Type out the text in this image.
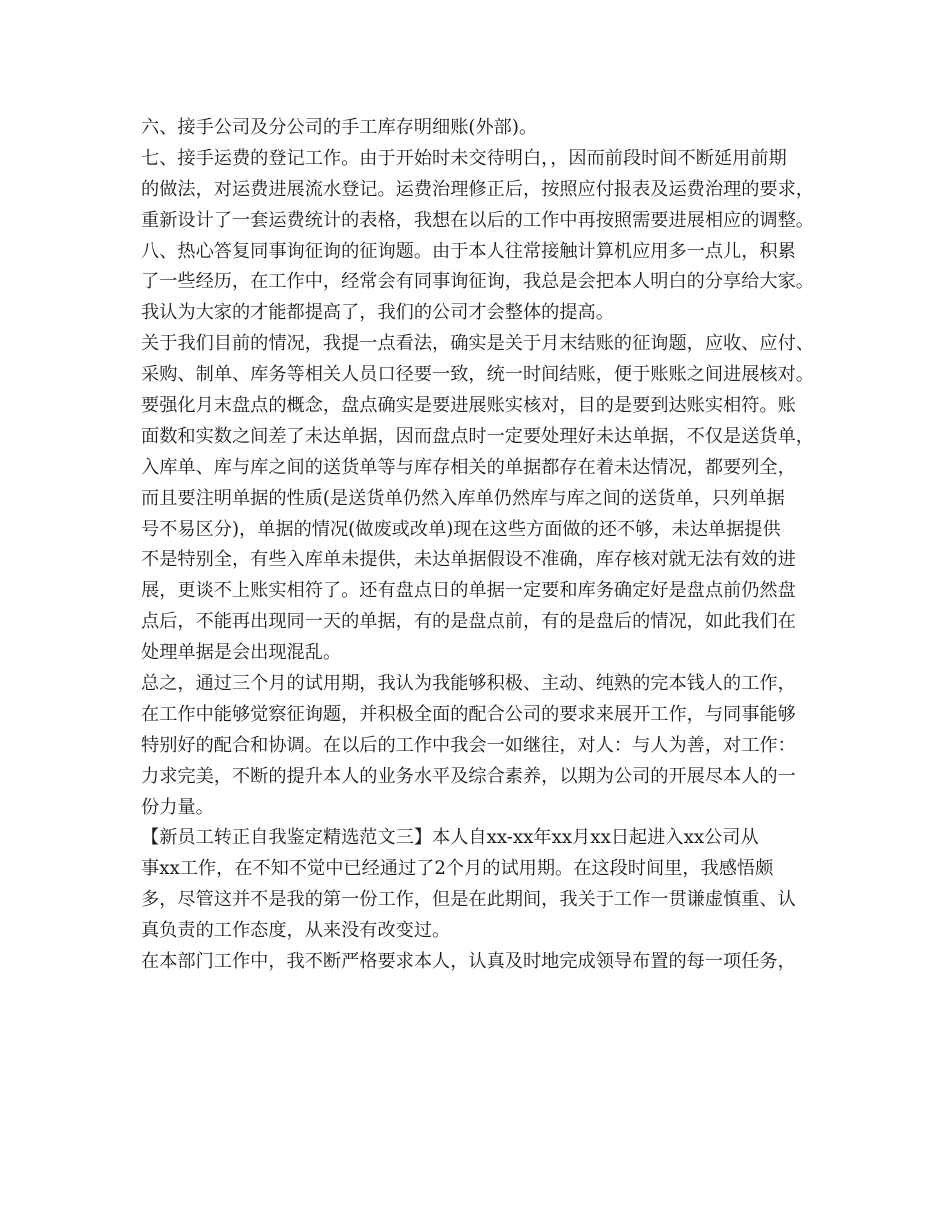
六、接手公司及分公司的手工库存明细账(外部)。
七、接手运费的登记工作。由于开始时未交待明白，，因而前段时间不断延用前期
的做法，对运费进展流水登记。运费治理修正后，按照应付报表及运费治理的要求，
重新设计了一套运费统计的表格，我想在以后的工作中再按照需要进展相应的调整。
八、热心答复同事询征询的征询题。由于本人往常接触计算机应用多一点儿，积累
了一些经历，在工作中，经常会有同事询征询，我总是会把本人明白的分享给大家。
我认为大家的才能都提高了，我们的公司才会整体的提高。
关于我们目前的情况，我提一点看法，确实是关于月末结账的征询题，应收、应付、
采购、制单、库务等相关人员口径要一致，统一时间结账，便于账账之间进展核对。
要强化月末盘点的概念，盘点确实是要进展账实核对，目的是要到达账实相符。账
面数和实数之间差了未达单据，因而盘点时一定要处理好未达单据，不仅是送货单，
入库单、库与库之间的送货单等与库存相关的单据都存在着未达情况，都要列全，
而且要注明单据的性质(是送货单仍然入库单仍然库与库之间的送货单，只列单据
号不易区分)，单据的情况(做废或改单)现在这些方面做的还不够，未达单据提供
不是特别全，有些入库单未提供，未达单据假设不准确，库存核对就无法有效的进
展，更谈不上账实相符了。还有盘点日的单据一定要和库务确定好是盘点前仍然盘
点后，不能再出现同一天的单据，有的是盘点前，有的是盘后的情况，如此我们在
处理单据是会出现混乱。
总之，通过三个月的试用期，我认为我能够积极、主动、纯熟的完本钱人的工作，
在工作中能够觉察征询题，并积极全面的配合公司的要求来展开工作，与同事能够
特别好的配合和协调。在以后的工作中我会一如继往，对人：与人为善，对工作：
力求完美，不断的提升本人的业务水平及综合素养，以期为公司的开展尽本人的一
份力量。
【新员工转正自我鉴定精选范文三】本人自xx-xx年xx月xx日起进入xx公司从
事xx工作，在不知不觉中已经通过了2个月的试用期。在这段时间里，我感悟颇
多，尽管这并不是我的第一份工作，但是在此期间，我关于工作一贯谦虚慎重、认
真负责的工作态度，从来没有改变过。
在本部门工作中，我不断严格要求本人，认真及时地完成领导布置的每一项任务，
